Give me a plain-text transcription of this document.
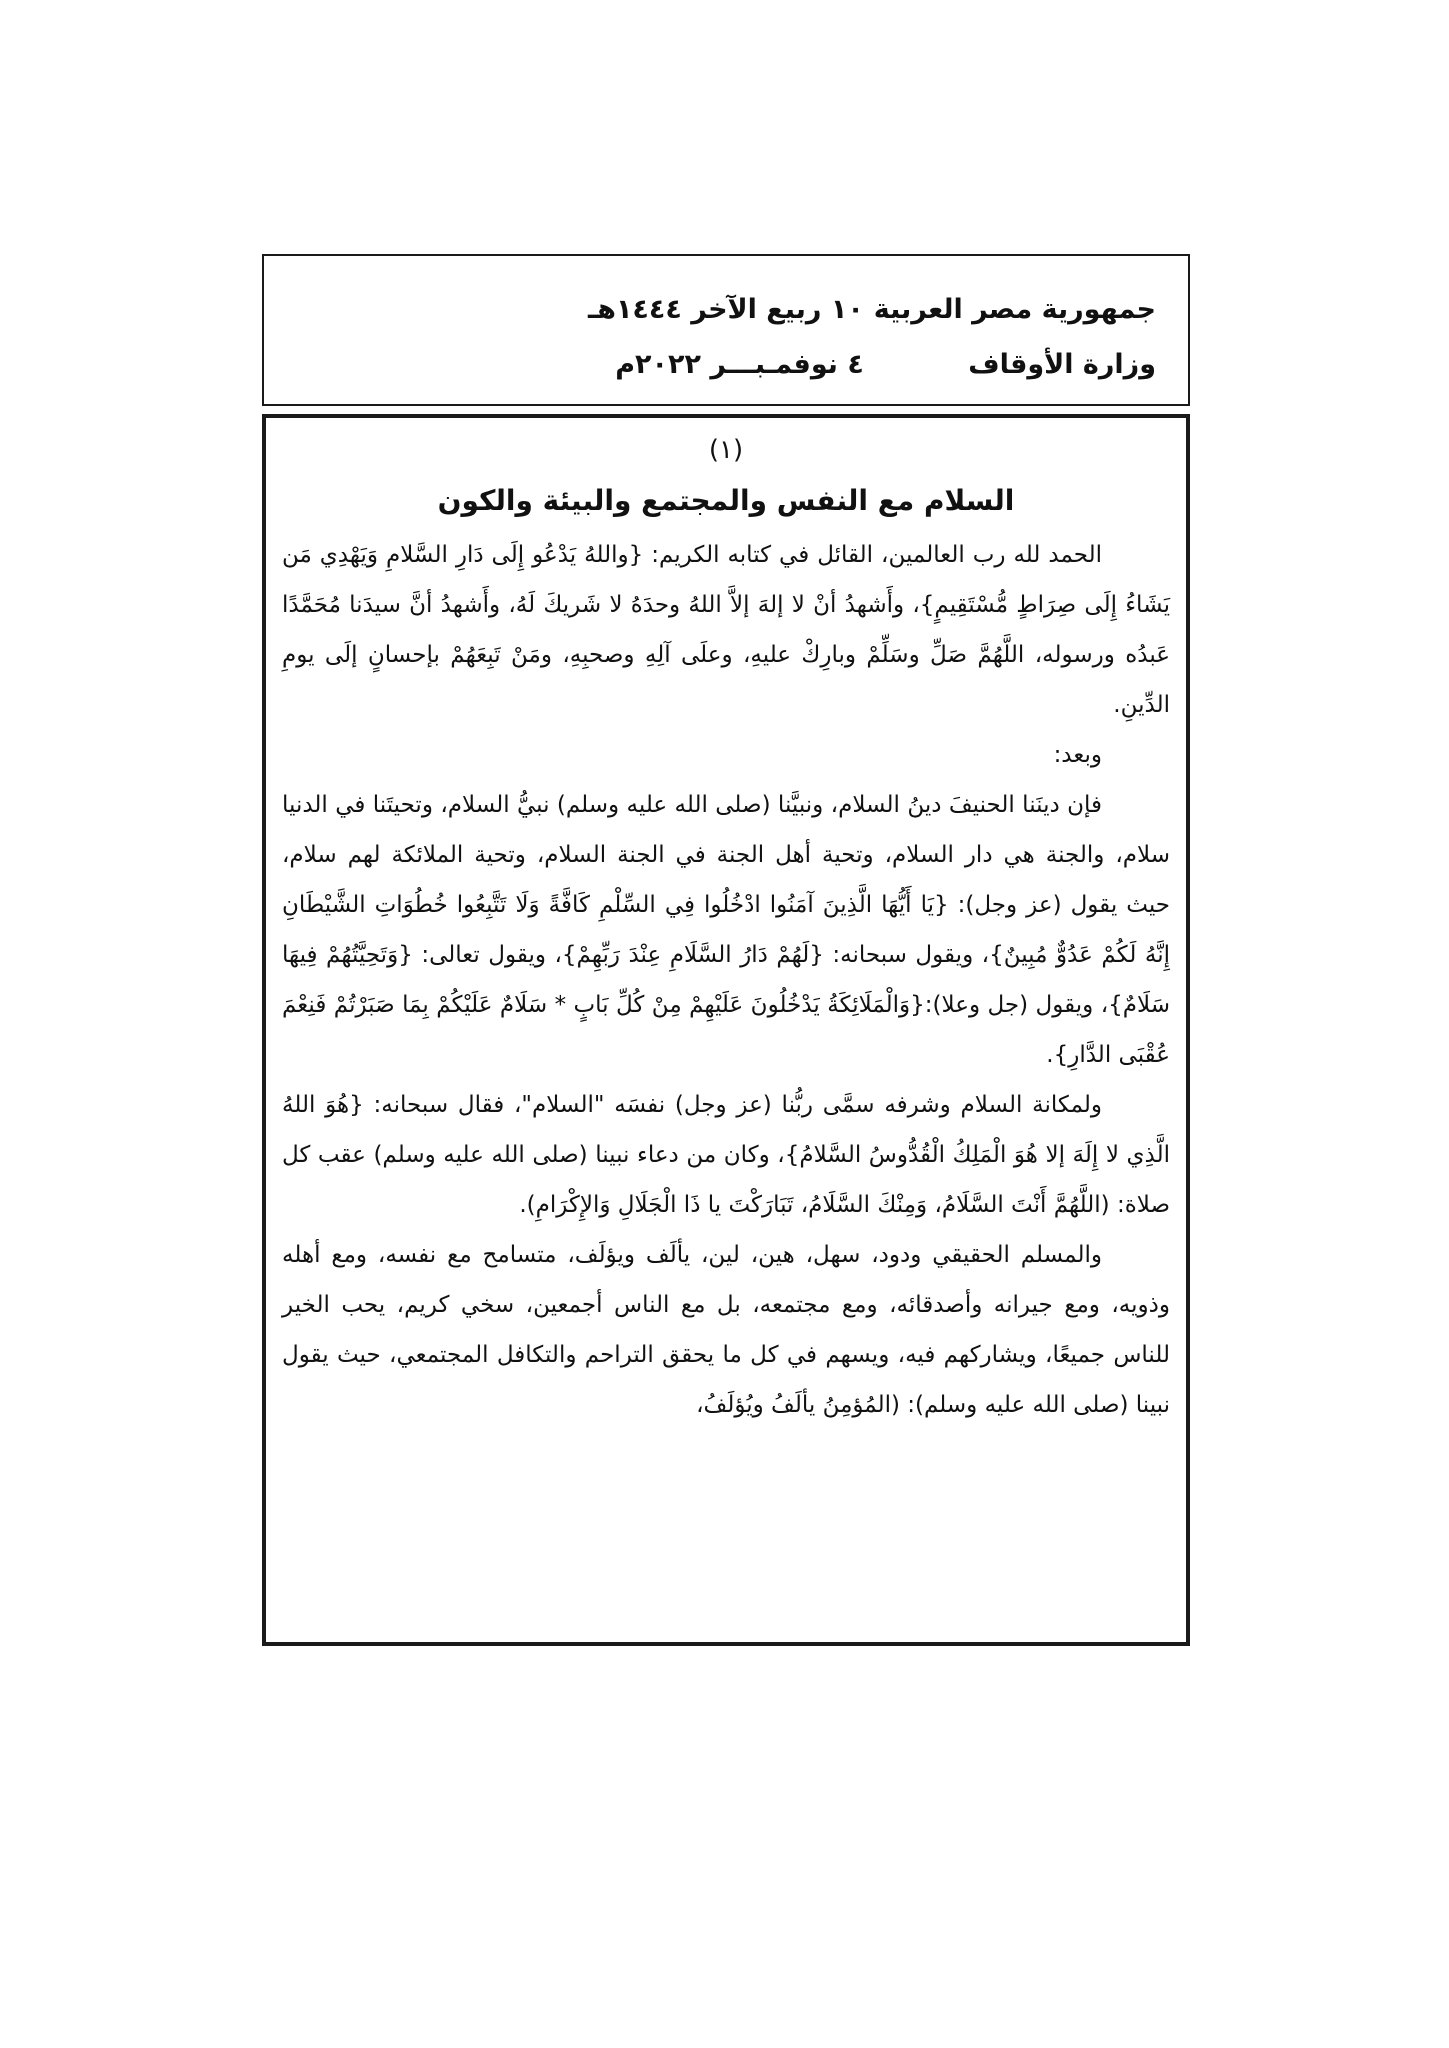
جمهورية مصر العربية
وزارة الأوقاف
١٠ ربيع الآخر ١٤٤٤هـ
٤ نوفمـبـــر ٢٠٢٢م
(١)
السلام مع النفس والمجتمع والبيئة والكون

الحمد لله رب العالمين، القائل في كتابه الكريم: {واللهُ يَدْعُو إِلَى دَارِ السَّلامِ وَيَهْدِي مَن يَشَاءُ إِلَى صِرَاطٍ مُّسْتَقِيمٍ}، وأَشهدُ أنْ لا إلهَ إلاَّ اللهُ وحدَهُ لا شَريكَ لَهُ، وأَشهدُ أنَّ سيدَنا مُحَمَّدًا عَبدُه ورسوله، اللَّهُمَّ صَلِّ وسَلِّمْ وبارِكْ عليهِ، وعلَى آلِهِ وصحبِهِ، ومَنْ تَبِعَهُمْ بإحسانٍ إلَى يومِ الدِّينِ.

وبعد:

فإن دينَنا الحنيفَ دينُ السلام، ونبيَّنا (صلى الله عليه وسلم) نبيُّ السلام، وتحيتَنا في الدنيا سلام، والجنة هي دار السلام، وتحية أهل الجنة في الجنة السلام، وتحية الملائكة لهم سلام، حيث يقول (عز وجل): {يَا أَيُّهَا الَّذِينَ آمَنُوا ادْخُلُوا فِي السِّلْمِ كَافَّةً وَلَا تَتَّبِعُوا خُطُوَاتِ الشَّيْطَانِ إِنَّهُ لَكُمْ عَدُوٌّ مُبِينٌ}، ويقول سبحانه: {لَهُمْ دَارُ السَّلَامِ عِنْدَ رَبِّهِمْ}، ويقول تعالى: {وَتَحِيَّتُهُمْ فِيهَا سَلَامٌ}، ويقول (جل وعلا):{وَالْمَلَائِكَةُ يَدْخُلُونَ عَلَيْهِمْ مِنْ كُلِّ بَابٍ * سَلَامٌ عَلَيْكُمْ بِمَا صَبَرْتُمْ فَنِعْمَ عُقْبَى الدَّارِ}.

ولمكانة السلام وشرفه سمَّى ربُّنا (عز وجل) نفسَه "السلام"، فقال سبحانه: {هُوَ اللهُ الَّذِي لا إِلَهَ إلا هُوَ الْمَلِكُ الْقُدُّوسُ السَّلامُ}، وكان من دعاء نبينا (صلى الله عليه وسلم) عقب كل صلاة: (اللَّهُمَّ أَنْتَ السَّلَامُ، وَمِنْكَ السَّلَامُ، تَبَارَكْتَ يا ذَا الْجَلَالِ وَالإِكْرَامِ).

والمسلم الحقيقي ودود، سهل، هين، لين، يألَف ويؤلَف، متسامح مع نفسه، ومع أهله وذويه، ومع جيرانه وأصدقائه، ومع مجتمعه، بل مع الناس أجمعين، سخي كريم، يحب الخير للناس جميعًا، ويشاركهم فيه، ويسهم في كل ما يحقق التراحم والتكافل المجتمعي، حيث يقول نبينا (صلى الله عليه وسلم): (المُؤمِنُ يألَفُ ويُؤلَفُ،
